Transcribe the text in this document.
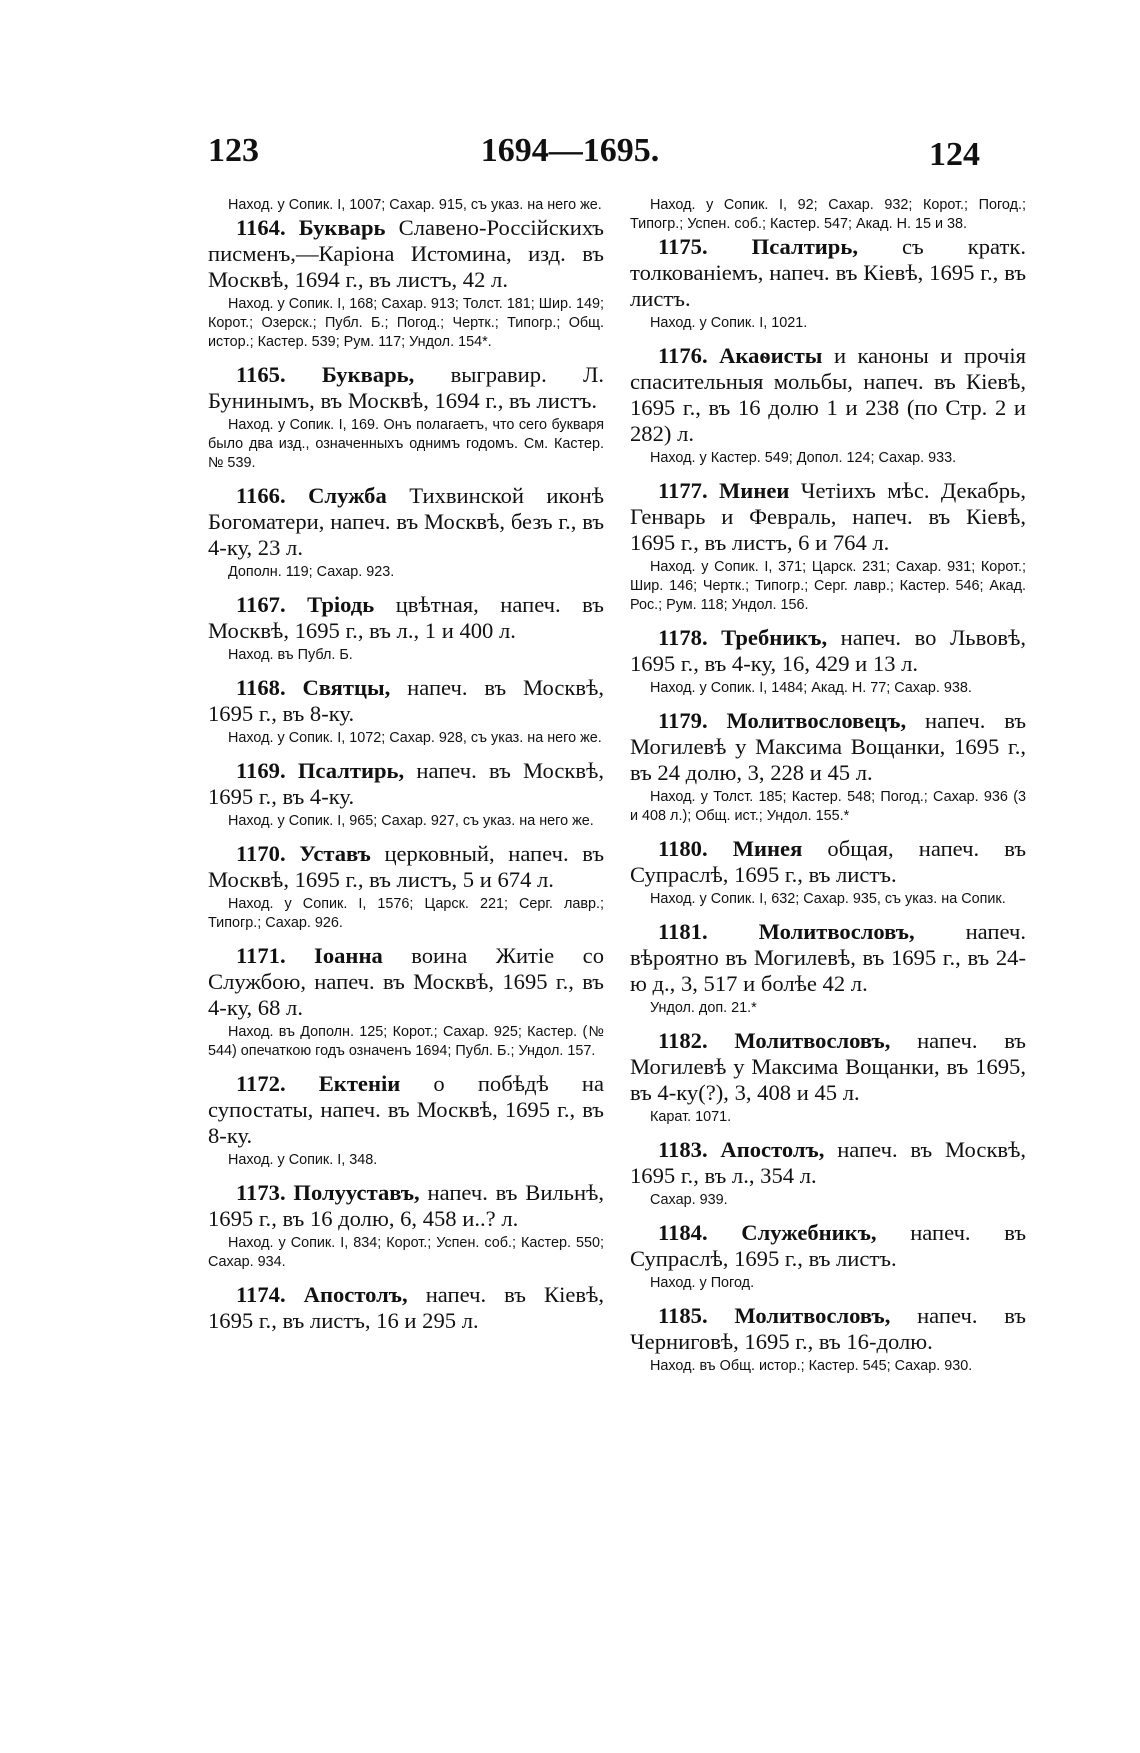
123	1694—1695.	124

Наход. у Сопик. I, 1007; Сахар. 915, съ указ. на него же.

1164. Букварь Славено-Россійскихъ писменъ,—Каріона Истомина, изд. въ Москвѣ, 1694 г., въ листъ, 42 л.

Наход. у Сопик. I, 168; Сахар. 913; Толст. 181; Шир. 149; Корот.; Озерск.; Публ. Б.; Погод.; Чертк.; Типогр.; Общ. истор.; Кастер. 539; Рум. 117; Ундол. 154*.

1165. Букварь, выгравир. Л. Бунинымъ, въ Москвѣ, 1694 г., въ листъ.

Наход. у Сопик. I, 169. Онъ полагаетъ, что сего букваря было два изд., означенныхъ однимъ годомъ. См. Кастер. № 539.

1166. Служба Тихвинской иконѣ Богоматери, напеч. въ Москвѣ, безъ г., въ 4-ку, 23 л.

Дополн. 119; Сахар. 923.

1167. Тріодь цвѣтная, напеч. въ Москвѣ, 1695 г., въ л., 1 и 400 л.

Наход. въ Публ. Б.

1168. Святцы, напеч. въ Москвѣ, 1695 г., въ 8-ку.

Наход. у Сопик. I, 1072; Сахар. 928, съ указ. на него же.

1169. Псалтирь, напеч. въ Москвѣ, 1695 г., въ 4-ку.

Наход. у Сопик. I, 965; Сахар. 927, съ указ. на него же.

1170. Уставъ церковный, напеч. въ Москвѣ, 1695 г., въ листъ, 5 и 674 л.

Наход. у Сопик. I, 1576; Царск. 221; Серг. лавр.; Типогр.; Сахар. 926.

1171. Іоанна воина Житіе со Службою, напеч. въ Москвѣ, 1695 г., въ 4-ку, 68 л.

Наход. въ Дополн. 125; Корот.; Сахар. 925; Кастер. (№ 544) опечаткою годъ означенъ 1694; Публ. Б.; Ундол. 157.

1172. Ектеніи о побѣдѣ на супостаты, напеч. въ Москвѣ, 1695 г., въ 8-ку.

Наход. у Сопик. I, 348.

1173. Полууставъ, напеч. въ Вильнѣ, 1695 г., въ 16 долю, 6, 458 и..? л.

Наход. у Сопик. I, 834; Корот.; Успен. соб.; Кастер. 550; Сахар. 934.

1174. Апостолъ, напеч. въ Кіевѣ, 1695 г., въ листъ, 16 и 295 л.

Наход. у Сопик. I, 92; Сахар. 932; Корот.; Погод.; Типогр.; Успен. соб.; Кастер. 547; Акад. Н. 15 и 38.

1175. Псалтирь, съ кратк. толкованіемъ, напеч. въ Кіевѣ, 1695 г., въ листъ.

Наход. у Сопик. I, 1021.

1176. Акаѳисты и каноны и прочія спасительныя мольбы, напеч. въ Кіевѣ, 1695 г., въ 16 долю 1 и 238 (по Стр. 2 и 282) л.

Наход. у Кастер. 549; Допол. 124; Сахар. 933.

1177. Минеи Четіихъ мѣс. Декабрь, Генварь и Февраль, напеч. въ Кіевѣ, 1695 г., въ листъ, 6 и 764 л.

Наход. у Сопик. I, 371; Царск. 231; Сахар. 931; Корот.; Шир. 146; Чертк.; Типогр.; Серг. лавр.; Кастер. 546; Акад. Рос.; Рум. 118; Ундол. 156.

1178. Требникъ, напеч. во Львовѣ, 1695 г., въ 4-ку, 16, 429 и 13 л.

Наход. у Сопик. I, 1484; Акад. Н. 77; Сахар. 938.

1179. Молитвословецъ, напеч. въ Могилевѣ у Максима Вощанки, 1695 г., въ 24 долю, 3, 228 и 45 л.

Наход. у Толст. 185; Кастер. 548; Погод.; Сахар. 936 (3 и 408 л.); Общ. ист.; Ундол. 155.*

1180. Минея общая, напеч. въ Супраслѣ, 1695 г., въ листъ.

Наход. у Сопик. I, 632; Сахар. 935, съ указ. на Сопик.

1181. Молитвословъ, напеч. вѣроятно въ Могилевѣ, въ 1695 г., въ 24-ю д., 3, 517 и болѣе 42 л.

Ундол. доп. 21.*

1182. Молитвословъ, напеч. въ Могилевѣ у Максима Вощанки, въ 1695, въ 4-ку(?), 3, 408 и 45 л.

Карат. 1071.

1183. Апостолъ, напеч. въ Москвѣ, 1695 г., въ л., 354 л.

Сахар. 939.

1184. Служебникъ, напеч. въ Супраслѣ, 1695 г., въ листъ.

Наход. у Погод.

1185. Молитвословъ, напеч. въ Черниговѣ, 1695 г., въ 16-долю.

Наход. въ Общ. истор.; Кастер. 545; Сахар. 930.
